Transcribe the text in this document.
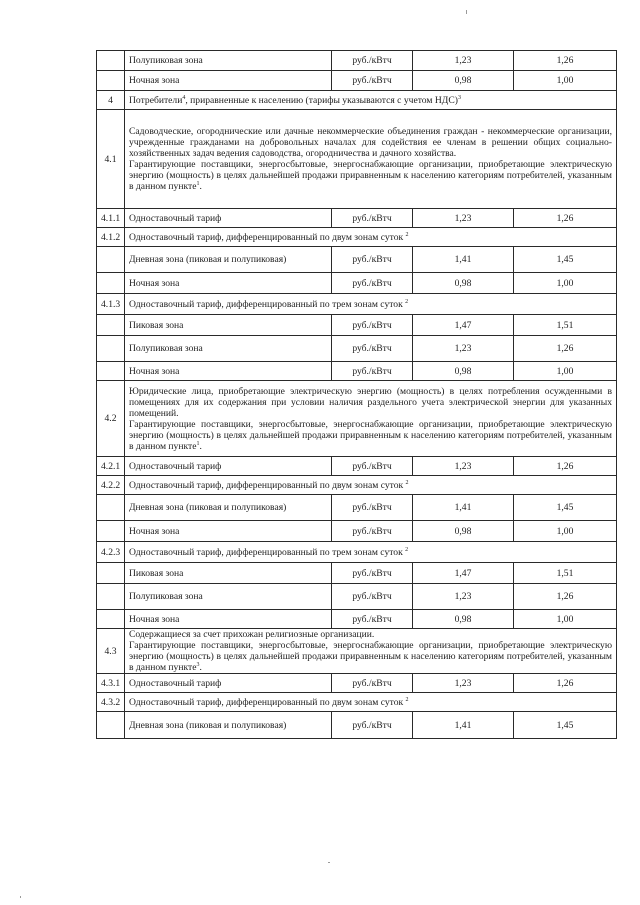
	Полупиковая зона	руб./кВтч	1,23	1,26
	Ночная зона	руб./кВтч	0,98	1,00
4	Потребители$^4$, приравненные к населению (тарифы указываются с учетом НДС)$^3$
4.1	Садоводческие, огороднические или дачные некоммерческие объединения граждан - некоммерческие организации, учрежденные гражданами на добровольных началах для содействия ее членам в решении общих социально-хозяйственных задач ведения садоводства, огородничества и дачного хозяйства.
Гарантирующие поставщики, энергосбытовые, энергоснабжающие организации, приобретающие электрическую энергию (мощность) в целях дальнейшей продажи приравненным к населению категориям потребителей, указанным в данном пункте$^1$.			
4.1.1	Одноставочный тариф	руб./кВтч	1,23	1,26
4.1.2	Одноставочный тариф, дифференцированный по двум зонам суток $^2$
	Дневная зона (пиковая и полупиковая)	руб./кВтч	1,41	1,45
	Ночная зона	руб./кВтч	0,98	1,00
4.1.3	Одноставочный тариф, дифференцированный по трем зонам суток $^2$
	Пиковая зона	руб./кВтч	1,47	1,51
	Полупиковая зона	руб./кВтч	1,23	1,26
	Ночная зона	руб./кВтч	0,98	1,00
4.2	Юридические лица, приобретающие электрическую энергию (мощность) в целях потребления осужденными в помещениях для их содержания при условии наличия раздельного учета электрической энергии для указанных помещений.
Гарантирующие поставщики, энергосбытовые, энергоснабжающие организации, приобретающие электрическую энергию (мощность) в целях дальнейшей продажи приравненным к населению категориям потребителей, указанным в данном пункте$^1$.			
4.2.1	Одноставочный тариф	руб./кВтч	1,23	1,26
4.2.2	Одноставочный тариф, дифференцированный по двум зонам суток $^2$
	Дневная зона (пиковая и полупиковая)	руб./кВтч	1,41	1,45
	Ночная зона	руб./кВтч	0,98	1,00
4.2.3	Одноставочный тариф, дифференцированный по трем зонам суток $^2$
	Пиковая зона	руб./кВтч	1,47	1,51
	Полупиковая зона	руб./кВтч	1,23	1,26
	Ночная зона	руб./кВтч	0,98	1,00
4.3	Содержащиеся за счет прихожан религиозные организации.
Гарантирующие поставщики, энергосбытовые, энергоснабжающие организации, приобретающие электрическую энергию (мощность) в целях дальнейшей продажи приравненным к населению категориям потребителей, указанным в данном пункте$^3$.			
4.3.1	Одноставочный тариф	руб./кВтч	1,23	1,26
4.3.2	Одноставочный тариф, дифференцированный по двум зонам суток $^2$
	Дневная зона (пиковая и полупиковая)	руб./кВтч	1,41	1,45
